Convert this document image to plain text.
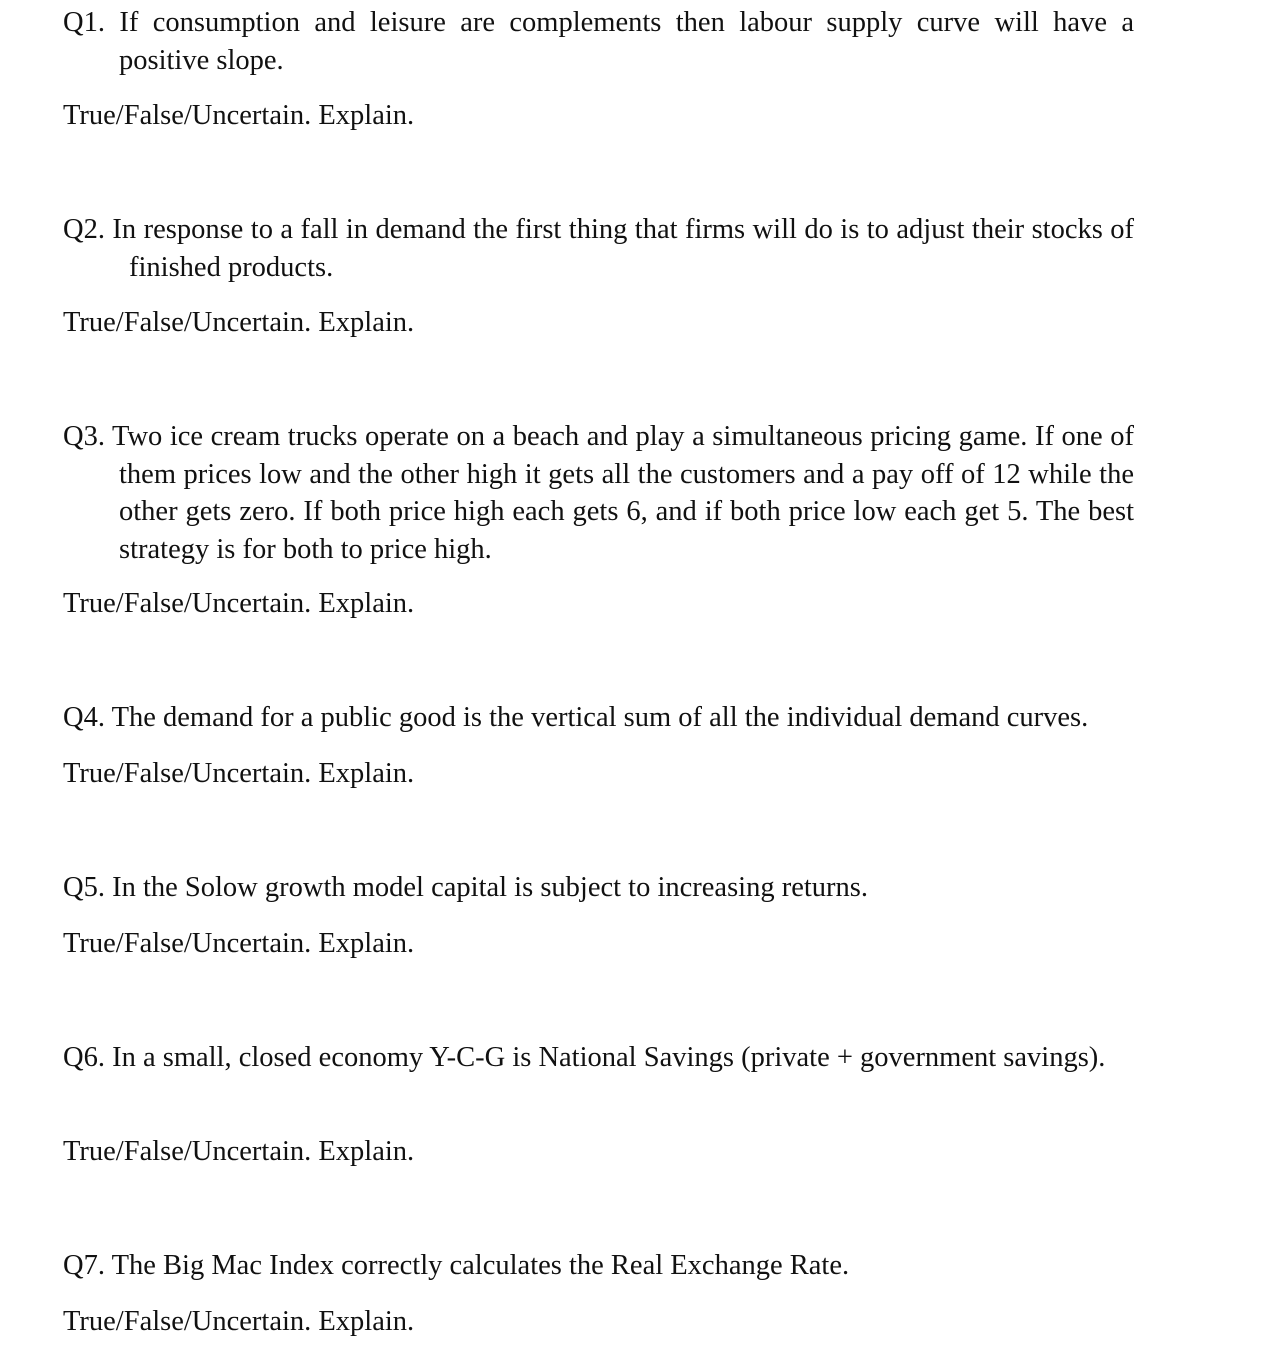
Q1. If consumption and leisure are complements then labour supply curve will have a positive slope.

True/False/Uncertain. Explain.

Q2. In response to a fall in demand the first thing that firms will do is to adjust their stocks of finished products.

True/False/Uncertain. Explain.

Q3. Two ice cream trucks operate on a beach and play a simultaneous pricing game. If one of them prices low and the other high it gets all the customers and a pay off of 12 while the other gets zero. If both price high each gets 6, and if both price low each get 5. The best strategy is for both to price high.

True/False/Uncertain. Explain.

Q4. The demand for a public good is the vertical sum of all the individual demand curves.

True/False/Uncertain. Explain.

Q5. In the Solow growth model capital is subject to increasing returns.

True/False/Uncertain. Explain.

Q6. In a small, closed economy Y-C-G is National Savings (private + government savings).

True/False/Uncertain. Explain.

Q7. The Big Mac Index correctly calculates the Real Exchange Rate.

True/False/Uncertain. Explain.
